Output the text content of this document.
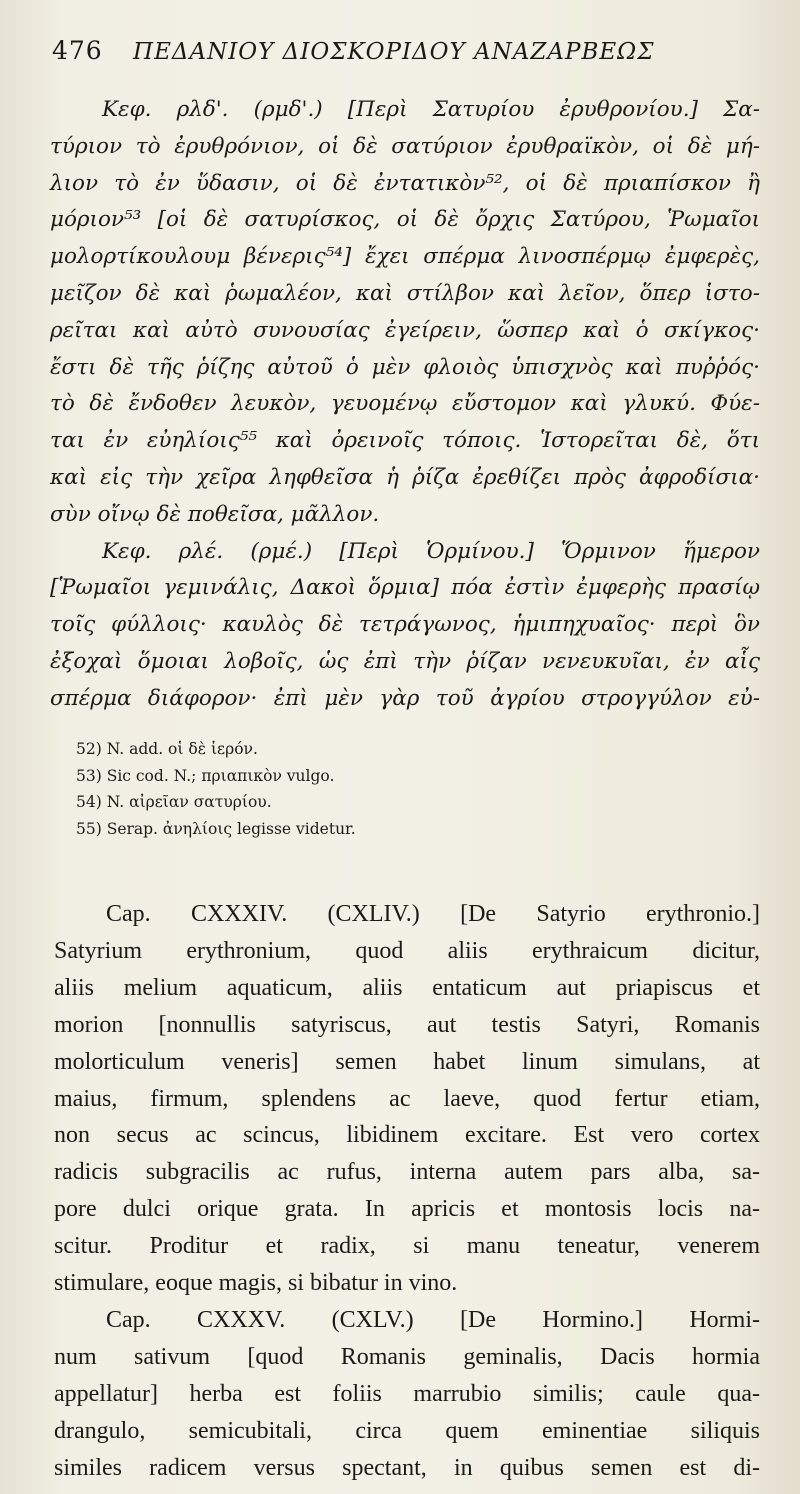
476 ΠΕΔΑΝΙΟΥ ΔΙΟΣΚΟΡΙΔΟΥ ΑΝΑΖΑΡΒΕΩΣ
Κεφ. ρλδ'. (ρμδ'.) [Περὶ Σατυρίου ἐρυθρονίου.] Σα-
τύριον τὸ ἐρυθρόνιον, οἱ δὲ σατύριον ἐρυθραϊκὸν, οἱ δὲ μή-
λιον τὸ ἐν ὕδασιν, οἱ δὲ ἐντατικὸν⁵², οἱ δὲ πριαπίσκον ἢ
μόριον⁵³ [οἱ δὲ σατυρίσκος, οἱ δὲ ὄρχις Σατύρου, Ῥωμαῖοι
μολορτίκουλουμ βένερις⁵⁴] ἔχει σπέρμα λινοσπέρμῳ ἐμφερὲς,
μεῖζον δὲ καὶ ῥωμαλέον, καὶ στίλβον καὶ λεῖον, ὅπερ ἱστο-
ρεῖται καὶ αὐτὸ συνουσίας ἐγείρειν, ὥσπερ καὶ ὁ σκίγκος·
ἔστι δὲ τῆς ῥίζης αὐτοῦ ὁ μὲν φλοιὸς ὑπισχνὸς καὶ πυῤῥός·
τὸ δὲ ἔνδοθεν λευκὸν, γευομένῳ εὔστομον καὶ γλυκύ. Φύε-
ται ἐν εὐηλίοις⁵⁵ καὶ ὀρεινοῖς τόποις. Ἱστορεῖται δὲ, ὅτι
καὶ εἰς τὴν χεῖρα ληφθεῖσα ἡ ῥίζα ἐρεθίζει πρὸς ἀφροδίσια·
σὺν οἴνῳ δὲ ποθεῖσα, μᾶλλον.
Κεφ. ρλέ. (ρμέ.) [Περὶ Ὁρμίνου.] Ὅρμινον ἥμερον
[Ῥωμαῖοι γεμινάλις, Δακοὶ ὅρμια] πόα ἐστὶν ἐμφερὴς πρασίῳ
τοῖς φύλλοις· καυλὸς δὲ τετράγωνος, ἡμιπηχυαῖος· περὶ ὃν
ἐξοχαὶ ὅμοιαι λοβοῖς, ὡς ἐπὶ τὴν ῥίζαν νενευκυῖαι, ἐν αἷς
σπέρμα διάφορον· ἐπὶ μὲν γὰρ τοῦ ἀγρίου στρογγύλον εὐ-
52) N. add. οἱ δὲ ἱερόν.
53) Sic cod. N.; πριαπικὸν vulgo.
54) N. αἰρεῖαν σατυρίου.
55) Serap. ἀνηλίοις legisse videtur.
Cap. CXXXIV. (CXLIV.) [De Satyrio erythronio.]
Satyrium erythronium, quod aliis erythraicum dicitur,
aliis melium aquaticum, aliis entaticum aut priapiscus et
morion [nonnullis satyriscus, aut testis Satyri, Romanis
molorticulum veneris] semen habet linum simulans, at
maius, firmum, splendens ac laeve, quod fertur etiam,
non secus ac scincus, libidinem excitare. Est vero cortex
radicis subgracilis ac rufus, interna autem pars alba, sa-
pore dulci orique grata. In apricis et montosis locis na-
scitur. Proditur et radix, si manu teneatur, venerem
stimulare, eoque magis, si bibatur in vino.
Cap. CXXXV. (CXLV.) [De Hormino.] Hormi-
num sativum [quod Romanis geminalis, Dacis hormia
appellatur] herba est foliis marrubio similis; caule qua-
drangulo, semicubitali, circa quem eminentiae siliquis
similes radicem versus spectant, in quibus semen est di-
